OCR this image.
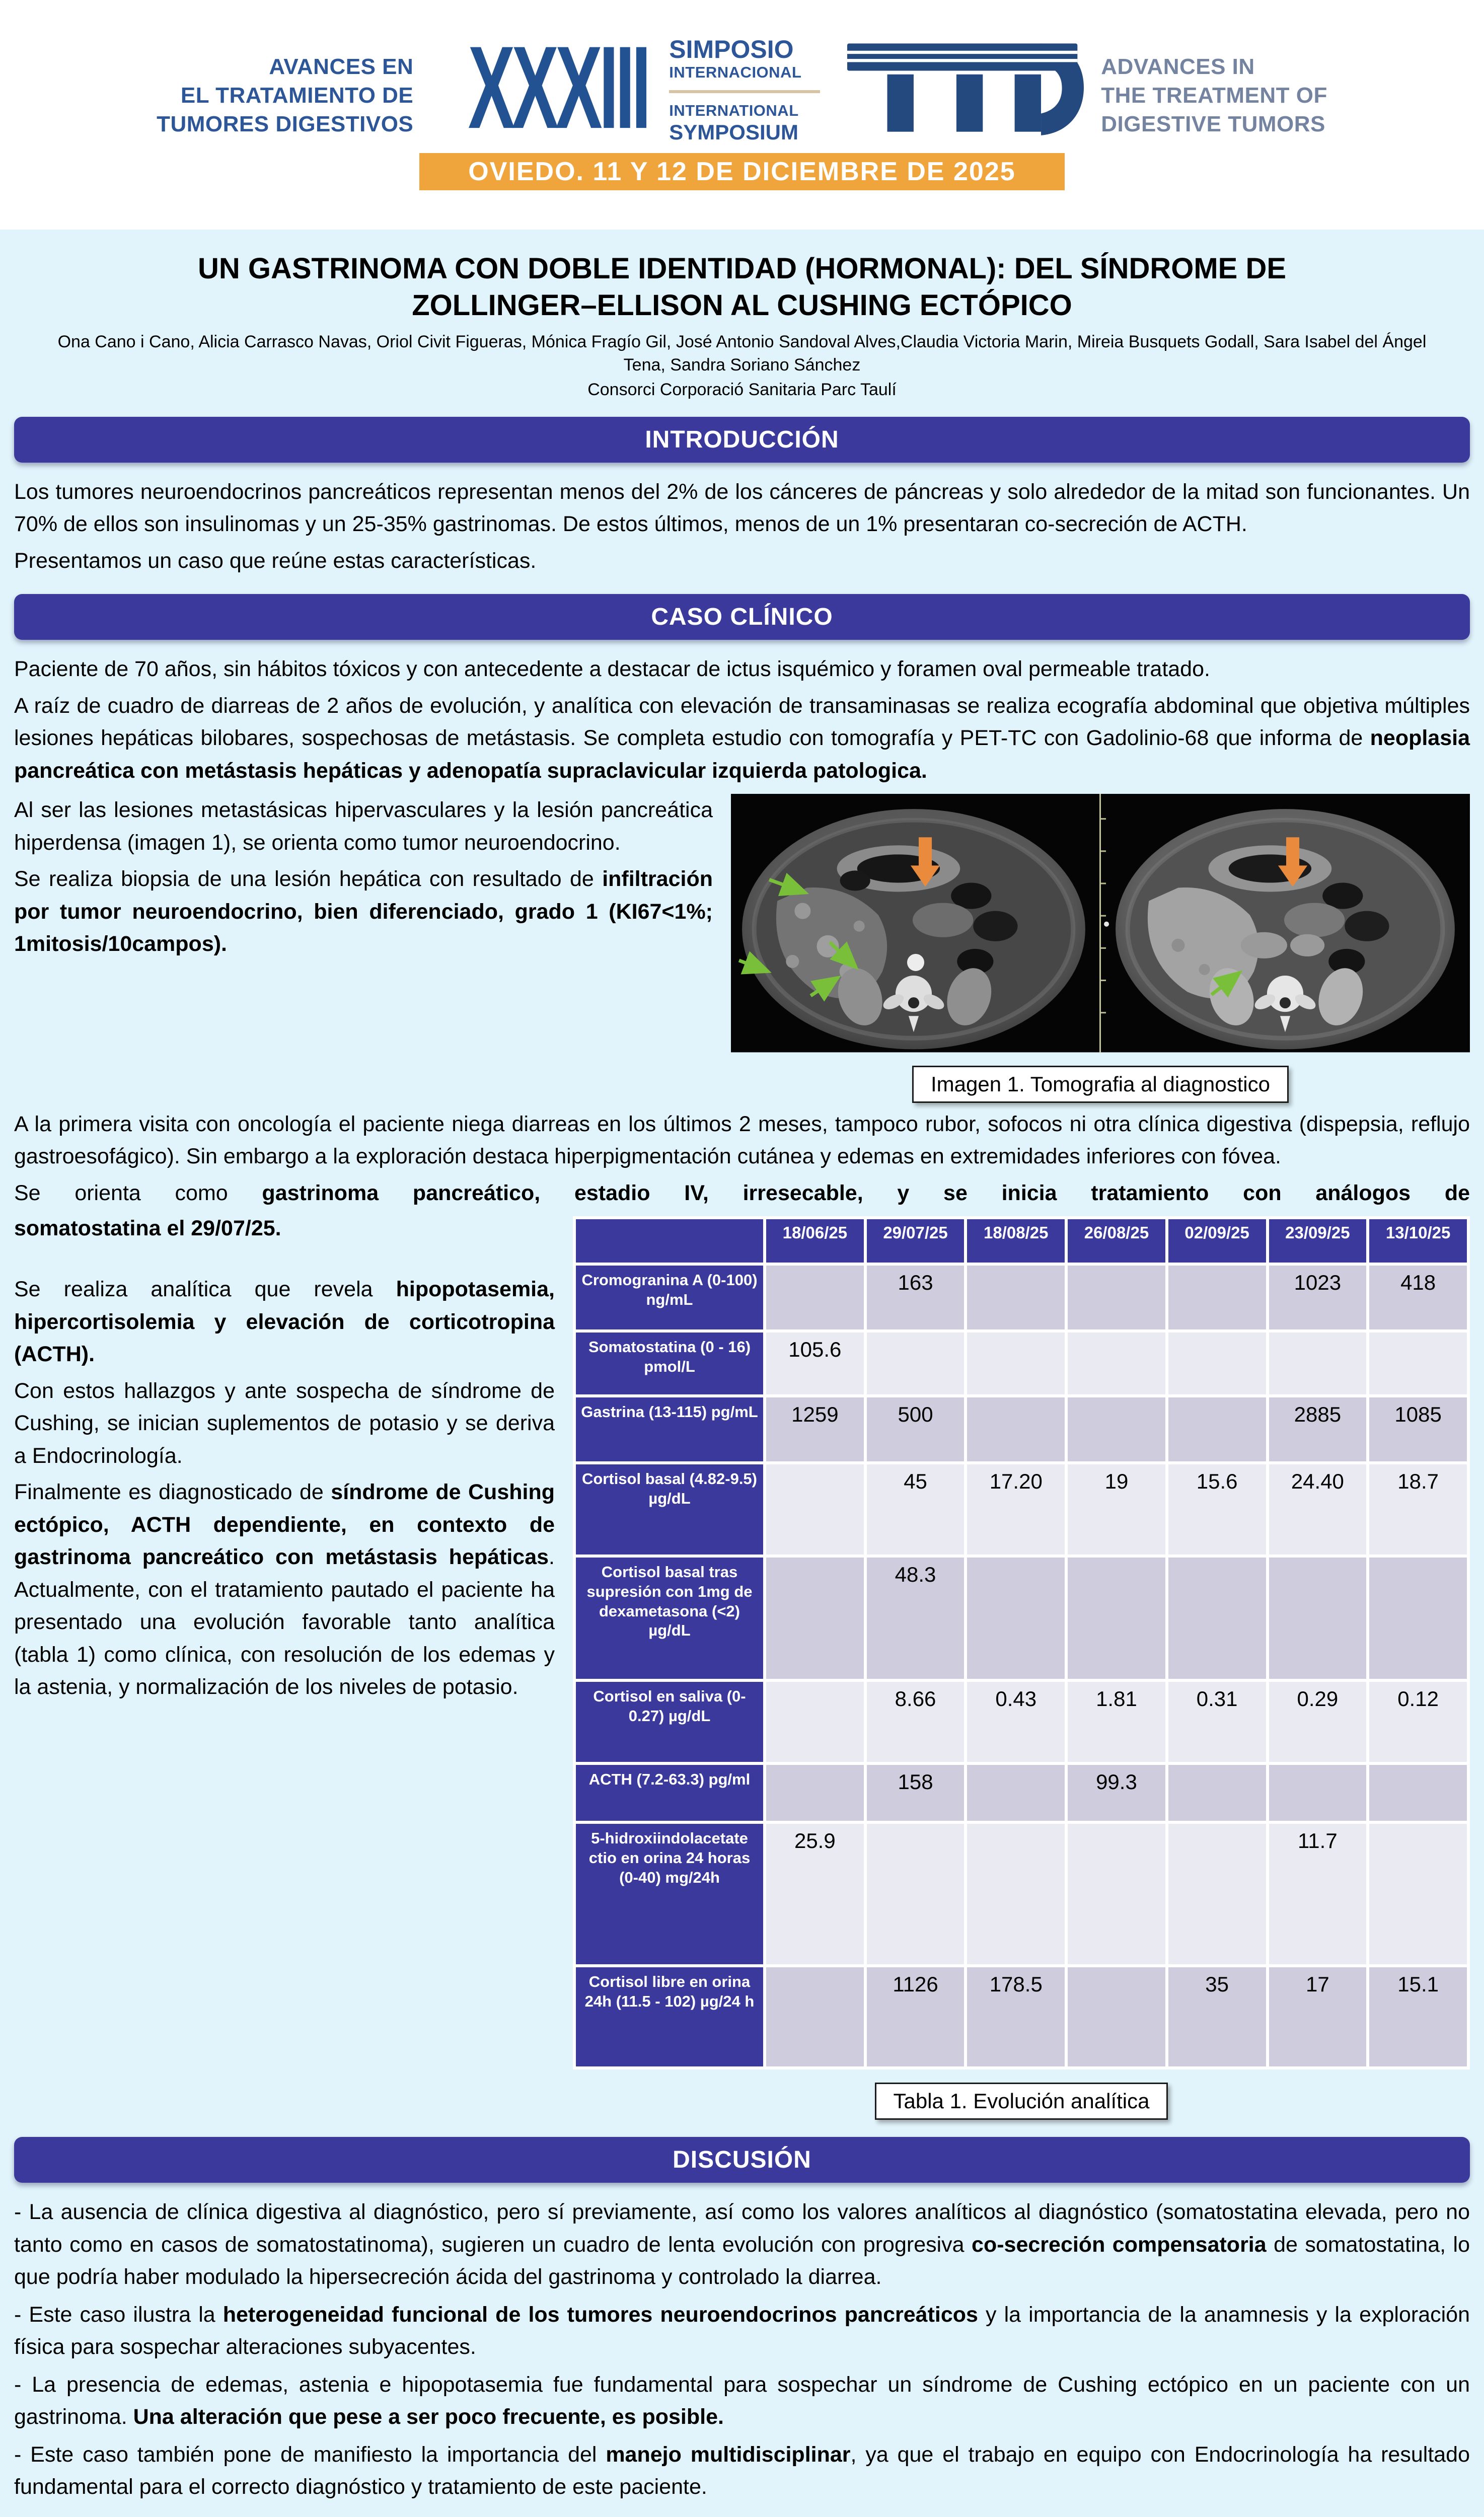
AVANCES EN
EL TRATAMIENTO DE
TUMORES DIGESTIVOS XXXIII SIMPOSIO
INTERNACIONAL
INTERNATIONAL
SYMPOSIUM
ADVANCES IN
THE TREATMENT OF
DIGESTIVE TUMORS
OVIEDO. 11 Y 12 DE DICIEMBRE DE 2025
UN GASTRINOMA CON DOBLE IDENTIDAD (HORMONAL): DEL SÍNDROME DE
ZOLLINGER–ELLISON AL CUSHING ECTÓPICO

Ona Cano i Cano, Alicia Carrasco Navas, Oriol Civit Figueras, Mónica Fragío Gil, José Antonio Sandoval Alves,Claudia Victoria Marin, Mireia Busquets Godall, Sara Isabel del Ángel Tena, Sandra Soriano Sánchez

Consorci Corporació Sanitaria Parc Taulí

INTRODUCCIÓN

Los tumores neuroendocrinos pancreáticos representan menos del 2% de los cánceres de páncreas y solo alrededor de la mitad son funcionantes. Un 70% de ellos son insulinomas y un 25-35% gastrinomas. De estos últimos, menos de un 1% presentaran co-secreción de ACTH.

Presentamos un caso que reúne estas características.

CASO CLÍNICO

Paciente de 70 años, sin hábitos tóxicos y con antecedente a destacar de ictus isquémico y foramen oval permeable tratado.

A raíz de cuadro de diarreas de 2 años de evolución, y analítica con elevación de transaminasas se realiza ecografía abdominal que objetiva múltiples lesiones hepáticas bilobares, sospechosas de metástasis. Se completa estudio con tomografía y PET-TC con Gadolinio-68 que informa de neoplasia pancreática con metástasis hepáticas y adenopatía supraclavicular izquierda patologica.

Al ser las lesiones metastásicas hipervasculares y la lesión pancreática hiperdensa (imagen 1), se orienta como tumor neuroendocrino.

Se realiza biopsia de una lesión hepática con resultado de infiltración por tumor neuroendocrino, bien diferenciado, grado 1 (KI67<1%; 1mitosis/10campos).

Imagen 1. Tomografia al diagnostico

A la primera visita con oncología el paciente niega diarreas en los últimos 2 meses, tampoco rubor, sofocos ni otra clínica digestiva (dispepsia, reflujo gastroesofágico). Sin embargo a la exploración destaca hiperpigmentación cutánea y edemas en extremidades inferiores con fóvea.

Se orienta como gastrinoma pancreático, estadio IV, irresecable, y se inicia tratamiento con análogos de

somatostatina el 29/07/25.

Se realiza analítica que revela hipopotasemia, hipercortisolemia y elevación de corticotropina (ACTH).

Con estos hallazgos y ante sospecha de síndrome de Cushing, se inician suplementos de potasio y se deriva a Endocrinología.

Finalmente es diagnosticado de síndrome de Cushing ectópico, ACTH dependiente, en contexto de gastrinoma pancreático con metástasis hepáticas. Actualmente, con el tratamiento pautado el paciente ha presentado una evolución favorable tanto analítica (tabla 1) como clínica, con resolución de los edemas y la astenia, y normalización de los niveles de potasio.

	18/06/25	29/07/25	18/08/25	26/08/25	02/09/25	23/09/25	13/10/25
Cromogranina A (0-100) ng/mL		163				1023	418
Somatostatina (0 - 16) pmol/L	105.6						
Gastrina (13-115) pg/mL	1259	500				2885	1085
Cortisol basal (4.82-9.5) µg/dL		45	17.20	19	15.6	24.40	18.7
Cortisol basal tras supresión con 1mg de dexametasona (<2) µg/dL		48.3					
Cortisol en saliva (0-0.27) µg/dL		8.66	0.43	1.81	0.31	0.29	0.12
ACTH (7.2-63.3) pg/ml		158		99.3			
5-hidroxiindolacetate ctio en orina 24 horas (0-40) mg/24h	25.9					11.7	
Cortisol libre en orina 24h (11.5 - 102) µg/24 h		1126	178.5		35	17	15.1
Tabla 1. Evolución analítica
DISCUSIÓN

- La ausencia de clínica digestiva al diagnóstico, pero sí previamente, así como los valores analíticos al diagnóstico (somatostatina elevada, pero no tanto como en casos de somatostatinoma), sugieren un cuadro de lenta evolución con progresiva co-secreción compensatoria de somatostatina, lo que podría haber modulado la hipersecreción ácida del gastrinoma y controlado la diarrea.

- Este caso ilustra la heterogeneidad funcional de los tumores neuroendocrinos pancreáticos y la importancia de la anamnesis y la exploración física para sospechar alteraciones subyacentes.

- La presencia de edemas, astenia e hipopotasemia fue fundamental para sospechar un síndrome de Cushing ectópico en un paciente con un gastrinoma. Una alteración que pese a ser poco frecuente, es posible.

- Este caso también pone de manifiesto la importancia del manejo multidisciplinar, ya que el trabajo en equipo con Endocrinología ha resultado fundamental para el correcto diagnóstico y tratamiento de este paciente.
